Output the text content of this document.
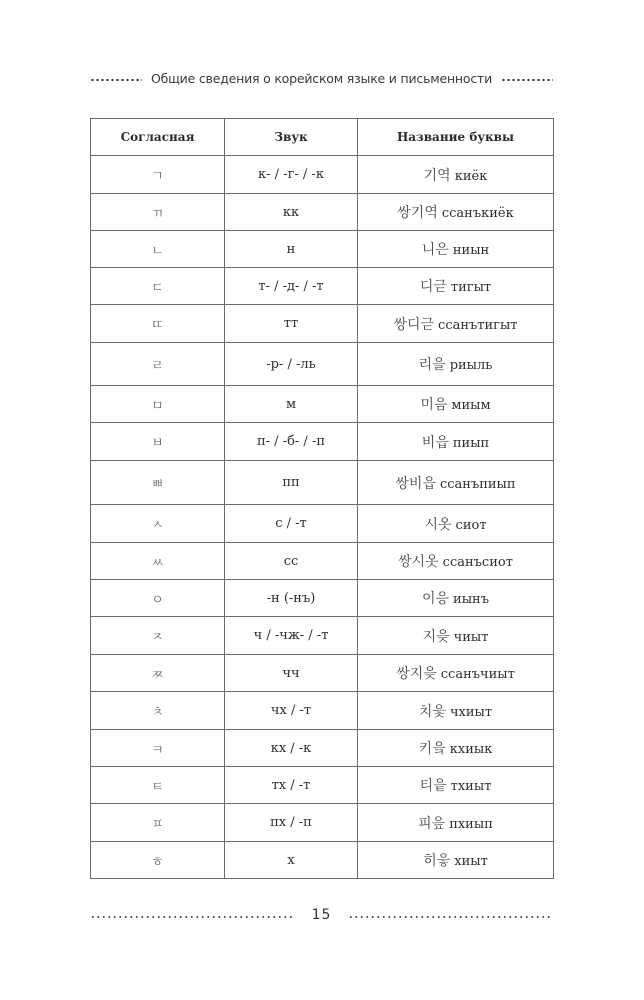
Общие сведения о корейском языке и письменности
Согласная	Звук	Название буквы
ㄱ	к- / -г- / -к	기역 киёк
ㄲ	кк	쌍기역 ссанъкиёк
ㄴ	н	니은 ниын
ㄷ	т- / -д- / -т	디귿 тигыт
ㄸ	тт	쌍디귿 ссанътигыт
ㄹ	-р- / -ль	리을 риыль
ㅁ	м	미음 миым
ㅂ	п- / -б- / -п	비읍 пиып
ㅃ	пп	쌍비읍 ссанъпиып
ㅅ	с / -т	시옷 сиот
ㅆ	сс	쌍시옷 ссанъсиот
ㅇ	-н (-нъ)	이응 иынъ
ㅈ	ч / -чж- / -т	지읒 чиыт
ㅉ	чч	쌍지읒 ссанъчиыт
ㅊ	чх / -т	치읓 чхиыт
ㅋ	кх / -к	키읔 кхиык
ㅌ	тх / -т	티읕 тхиыт
ㅍ	пх / -п	피읖 пхиып
ㅎ	х	히읗 хиыт
15
